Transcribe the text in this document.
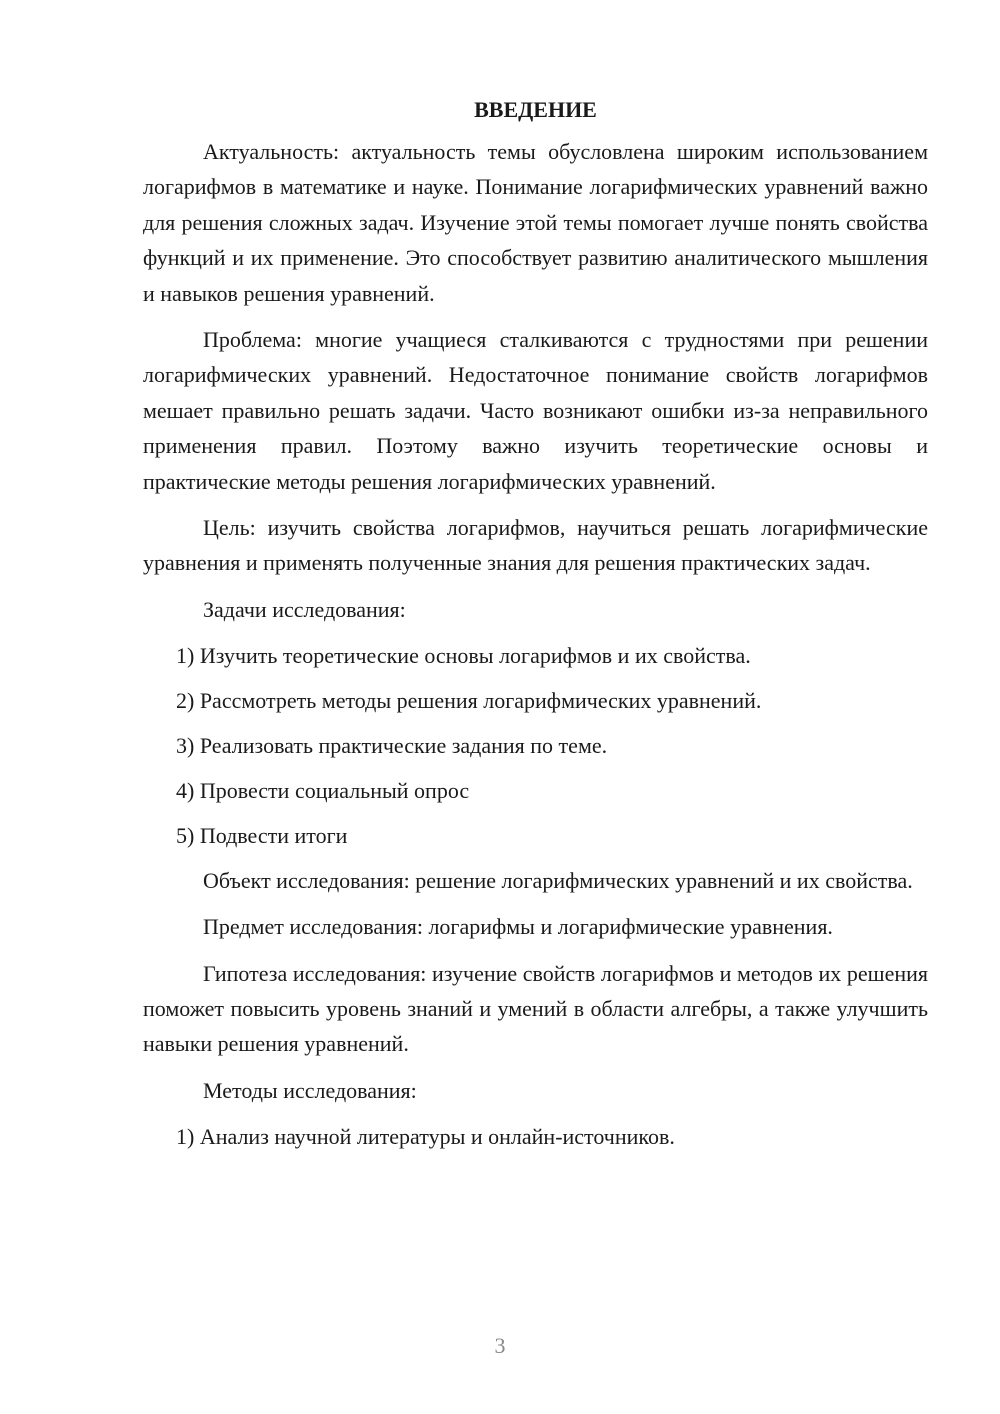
ВВЕДЕНИЕ

Актуальность: актуальность темы обусловлена широким использованием логарифмов в математике и науке. Понимание логарифмических уравнений важно для решения сложных задач. Изучение этой темы помогает лучше понять свойства функций и их применение. Это способствует развитию аналитического мышления и навыков решения уравнений.

Проблема: многие учащиеся сталкиваются с трудностями при решении логарифмических уравнений. Недостаточное понимание свойств логарифмов мешает правильно решать задачи. Часто возникают ошибки из-за неправильного применения правил. Поэтому важно изучить теоретические основы и практические методы решения логарифмических уравнений.

Цель: изучить свойства логарифмов, научиться решать логарифмические уравнения и применять полученные знания для решения практических задач.

Задачи исследования:

1) Изучить теоретические основы логарифмов и их свойства.
2) Рассмотреть методы решения логарифмических уравнений.
3) Реализовать практические задания по теме.
4) Провести социальный опрос
5) Подвести итоги

Объект исследования: решение логарифмических уравнений и их свойства.

Предмет исследования: логарифмы и логарифмические уравнения.

Гипотеза исследования: изучение свойств логарифмов и методов их решения поможет повысить уровень знаний и умений в области алгебры, а также улучшить навыки решения уравнений.

Методы исследования:

1) Анализ научной литературы и онлайн-источников.
3
